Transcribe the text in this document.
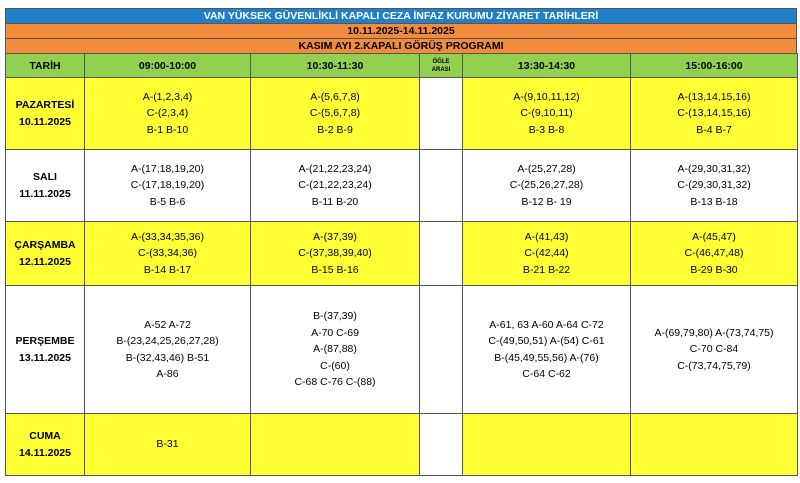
VAN YÜKSEK GÜVENLİKLİ KAPALI CEZA İNFAZ KURUMU ZİYARET TARİHLERİ
10.11.2025-14.11.2025
KASIM AYI 2.KAPALI GÖRÜŞ PROGRAMI
TARİH	09:00-10:00	10:30-11:30	ÖĞLE
ARASI	13:30-14:30	15:00-16:00

PAZARTESİ
10.11.2025	A-(1,2,3,4)
C-(2,3,4)
B-1 B-10	A-(5,6,7,8)
C-(5,6,7,8)
B-2 B-9		A-(9,10,11,12)
C-(9,10,11)
B-3 B-8	A-(13,14,15,16)
C-(13,14,15,16)
B-4 B-7

SALI
11.11.2025	A-(17,18,19,20)
C-(17,18,19,20)
B-5 B-6	A-(21,22,23,24)
C-(21,22,23,24)
B-11 B-20		A-(25,27,28)
C-(25,26,27,28)
B-12 B- 19	A-(29,30,31,32)
C-(29,30,31,32)
B-13 B-18

ÇARŞAMBA
12.11.2025	A-(33,34,35,36)
C-(33,34,36)
B-14 B-17	A-(37,39)
C-(37,38,39,40)
B-15 B-16		A-(41,43)
C-(42,44)
B-21 B-22	A-(45,47)
C-(46,47,48)
B-29 B-30

PERŞEMBE
13.11.2025	A-52 A-72
B-(23,24,25,26,27,28)
B-(32,43,46) B-51
A-86	B-(37,39)
A-70 C-69
A-(87,88)
C-(60)
C-68 C-76 C-(88)		A-61, 63 A-60 A-64 C-72
C-(49,50,51) A-(54) C-61
B-(45,49,55,56) A-(76)
C-64 C-62	A-(69,79,80) A-(73,74,75)
C-70 C-84
C-(73,74,75,79)

CUMA
14.11.2025	B-31				
